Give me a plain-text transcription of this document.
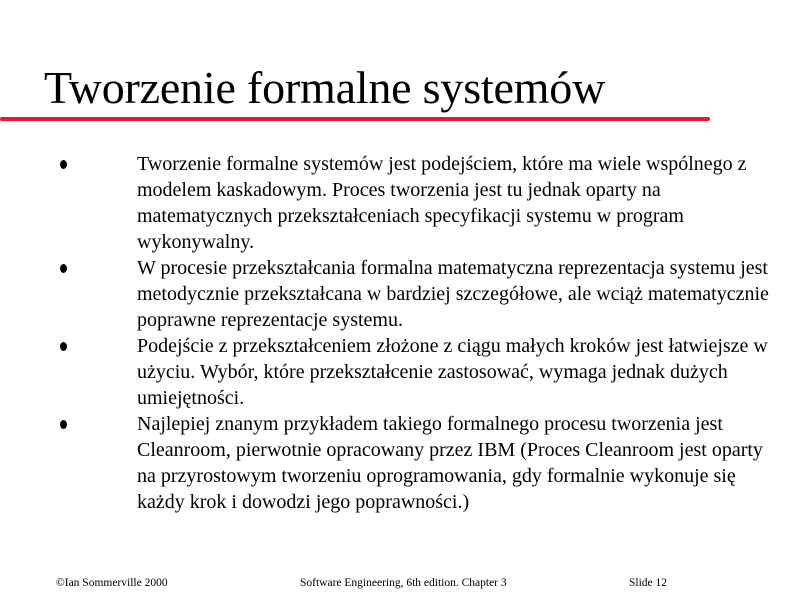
Tworzenie formalne systemów
Tworzenie formalne systemów jest podejściem, które ma wiele wspólnego z modelem kaskadowym. Proces tworzenia jest tu jednak oparty na matematycznych przekształceniach specyfikacji systemu w program wykonywalny.
W procesie przekształcania formalna matematyczna reprezentacja systemu jest metodycznie przekształcana w bardziej szczegółowe, ale wciąż matematycznie poprawne reprezentacje systemu.
Podejście z przekształceniem złożone z ciągu małych kroków jest łatwiejsze w użyciu. Wybór, które przekształcenie zastosować, wymaga jednak dużych umiejętności.
Najlepiej znanym przykładem takiego formalnego procesu tworzenia jest Cleanroom, pierwotnie opracowany przez IBM (Proces Cleanroom jest oparty na przyrostowym tworzeniu oprogramowania, gdy formalnie wykonuje się każdy krok i dowodzi jego poprawności.)
©Ian Sommerville 2000	Software Engineering, 6th edition. Chapter 3	Slide 12
